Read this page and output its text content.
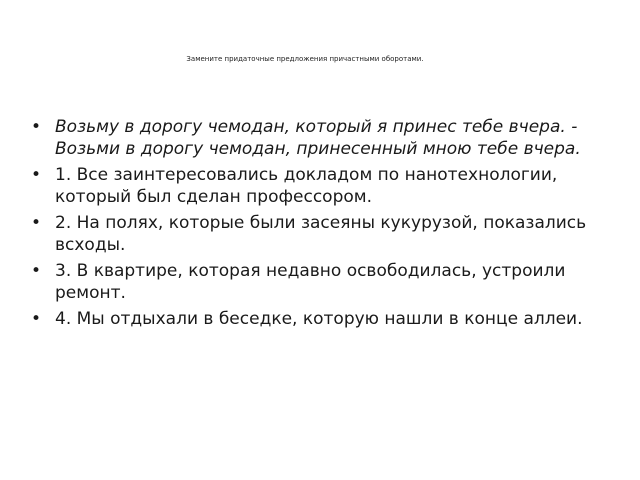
Замените придаточные предложения причастными оборотами.
• Возьму в дорогу чемодан, который я принес тебе вчера. - Возьми в дорогу чемодан, принесенный мною тебе вчера.
• 1. Все заинтересовались докладом по нанотехнологии, который был сделан профессором.
• 2. На полях, которые были засеяны кукурузой, показались всходы.
• 3. В квартире, которая недавно освободилась, устроили ремонт.
• 4. Мы отдыхали в беседке, которую нашли в конце аллеи.
